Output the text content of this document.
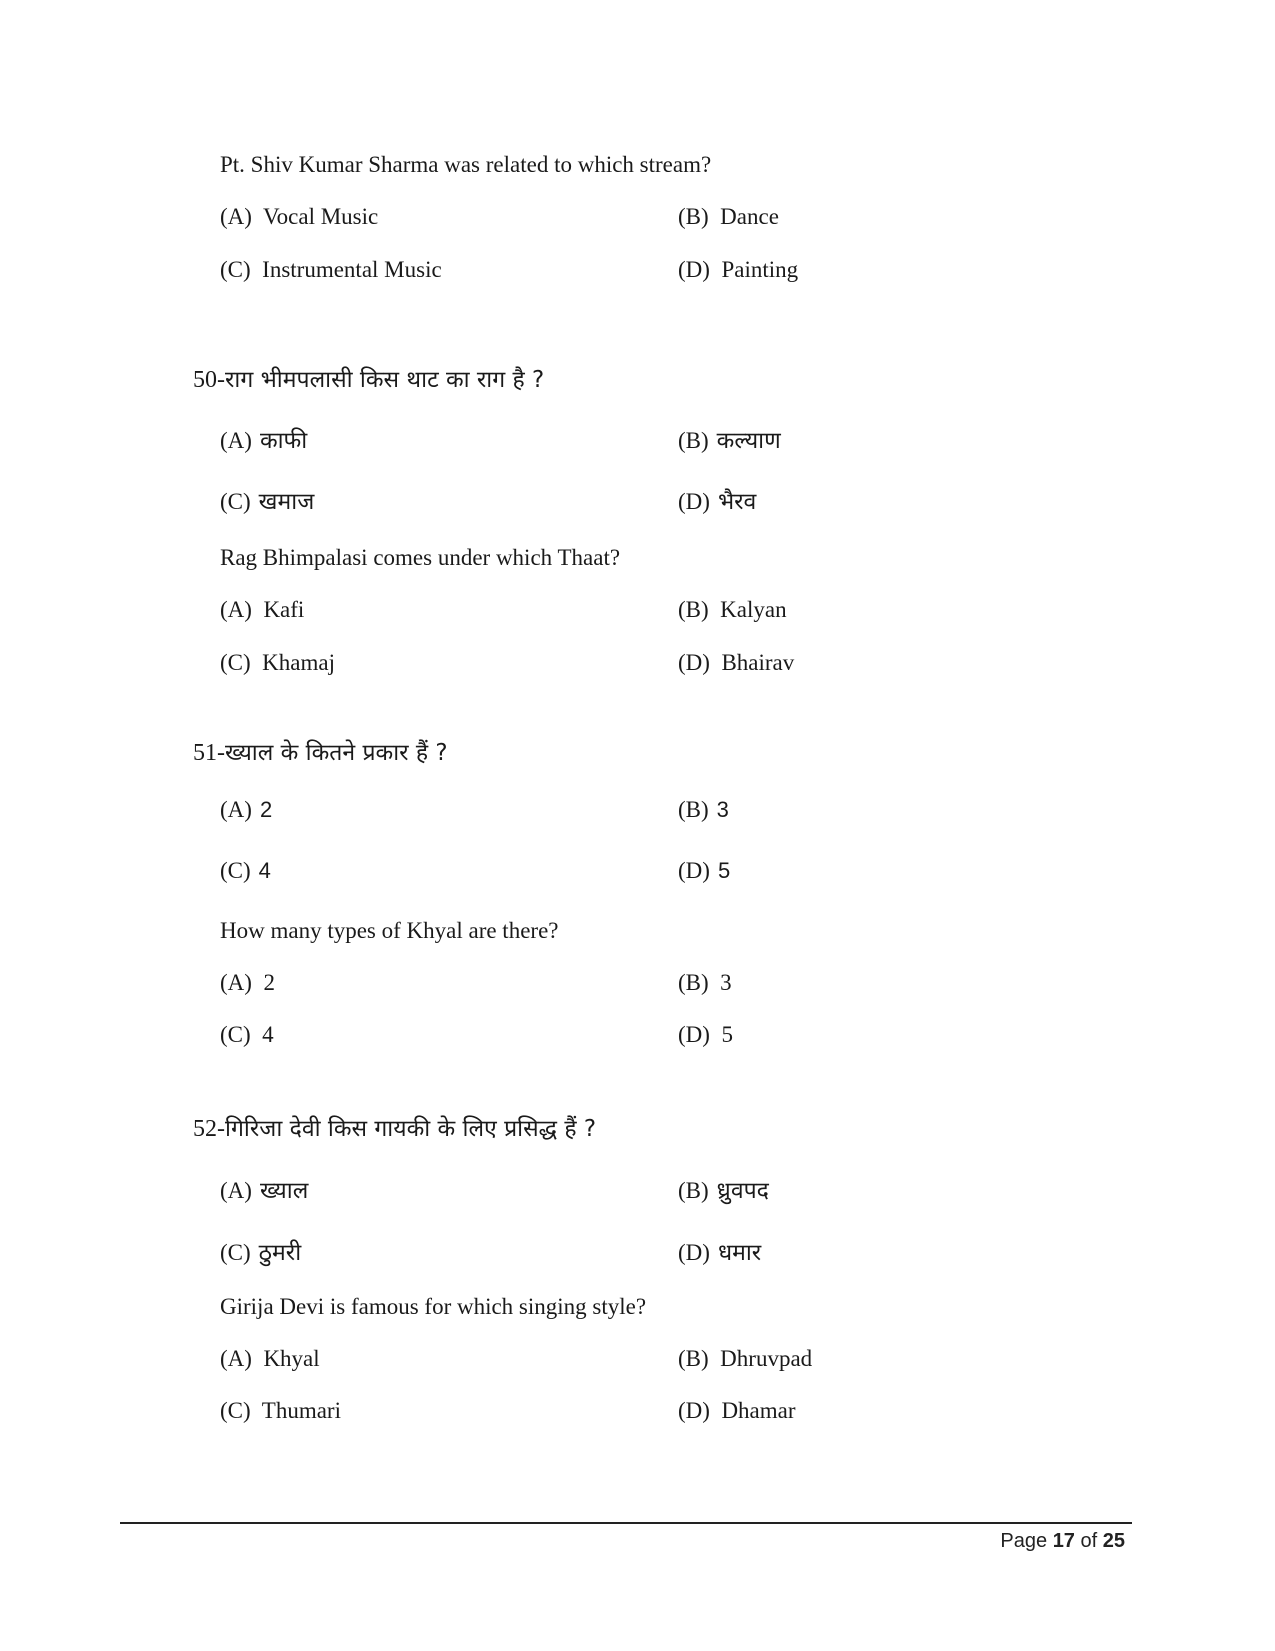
Pt. Shiv Kumar Sharma was related to which stream?
(A) Vocal Music	(B) Dance
(C) Instrumental Music	(D) Painting
50-राग भीमपलासी किस थाट का राग है ?
(A) काफी	(B) कल्याण
(C) खमाज	(D) भैरव
Rag Bhimpalasi comes under which Thaat?
(A) Kafi	(B) Kalyan
(C) Khamaj	(D) Bhairav
51-ख्याल के कितने प्रकार हैं ?
(A) 2	(B) 3
(C) 4	(D) 5
How many types of Khyal are there?
(A) 2	(B) 3
(C) 4	(D) 5
52-गिरिजा देवी किस गायकी के लिए प्रसिद्ध हैं ?
(A) ख्याल	(B) ध्रुवपद
(C) ठुमरी	(D) धमार
Girija Devi is famous for which singing style?
(A) Khyal	(B) Dhruvpad
(C) Thumari	(D) Dhamar
Page 17 of 25
